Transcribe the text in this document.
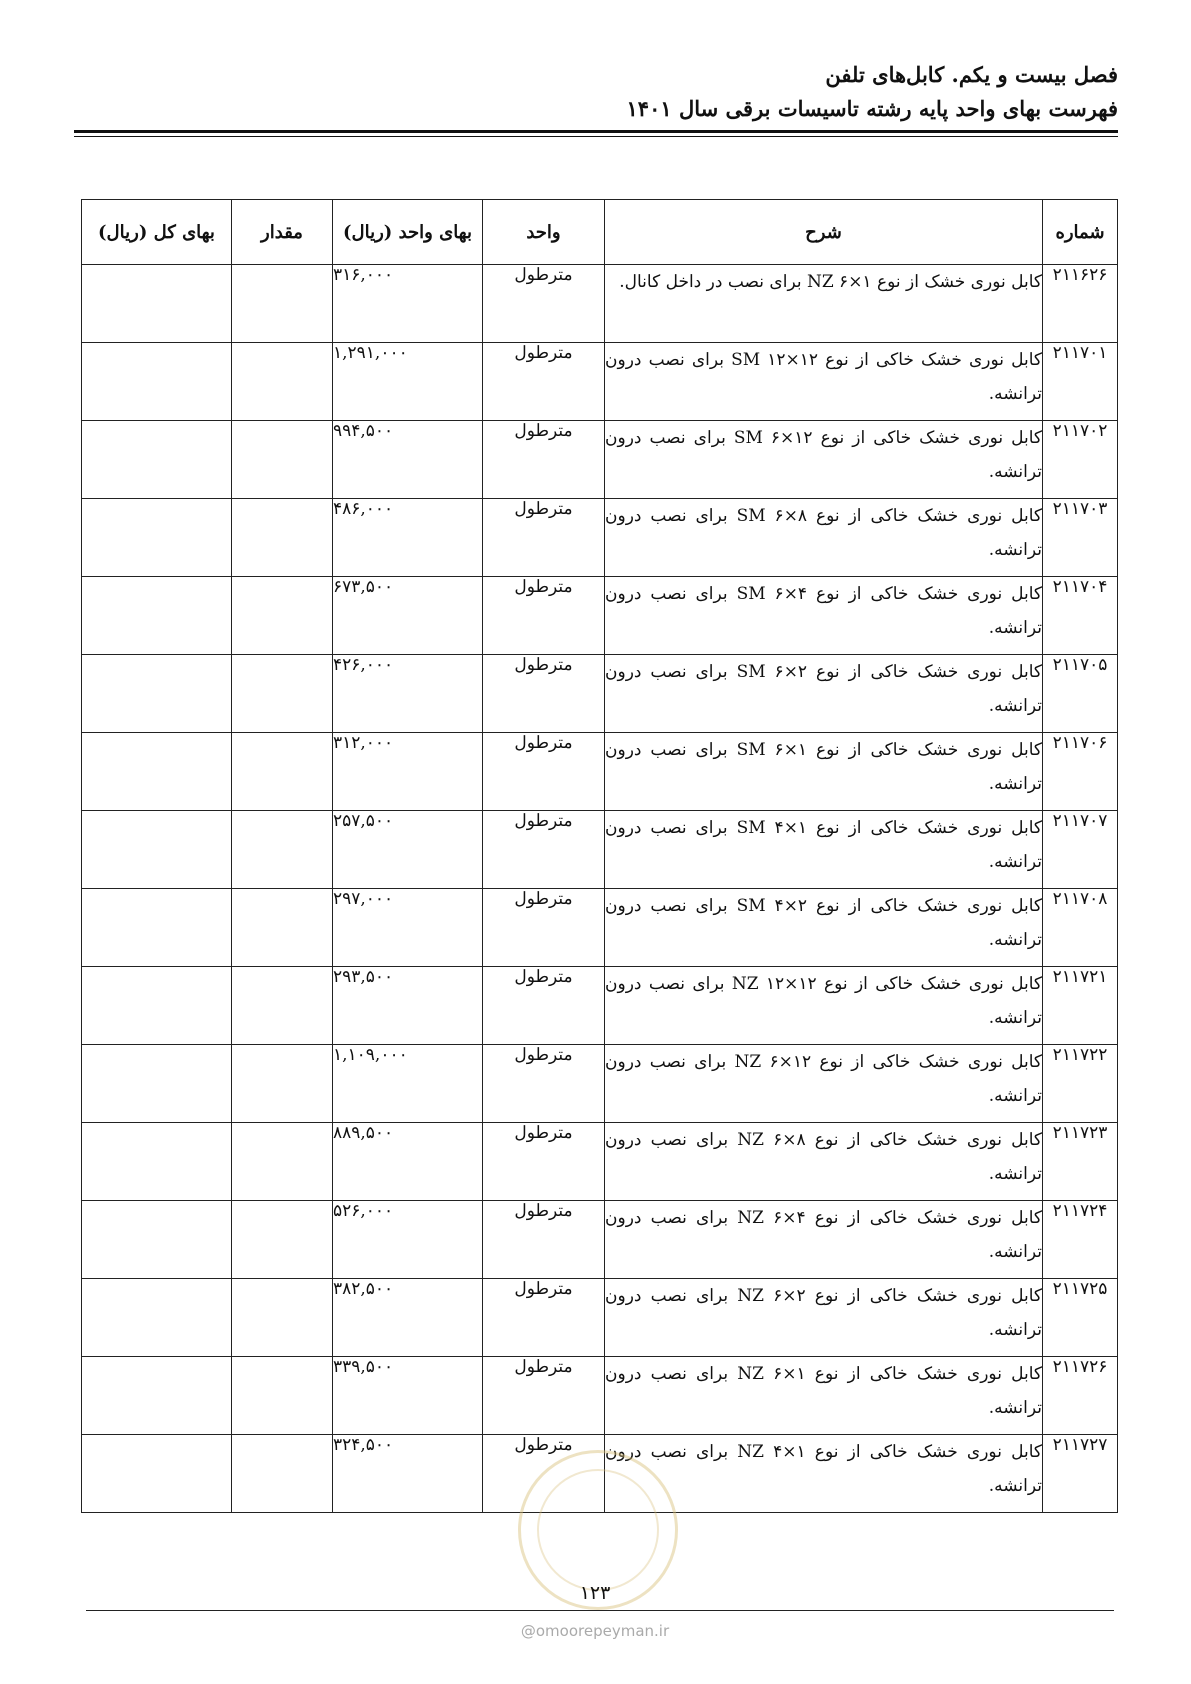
فصل بیست و یکم. کابل‌های تلفن
فهرست بهای واحد پایه رشته تاسیسات برقی سال ۱۴۰۱
شماره	شرح	واحد	بهای واحد (ریال)	مقدار	بهای کل (ریال)
۲۱۱۶۲۶	کابل نوری خشک از نوع NZ ۶×۱ برای نصب در داخل کانال.	مترطول	۳۱۶,۰۰۰		
۲۱۱۷۰۱	کابل نوری خشک خاکی از نوع SM ۱۲×۱۲ برای نصب درون ترانشه.	مترطول	۱,۲۹۱,۰۰۰		
۲۱۱۷۰۲	کابل نوری خشک خاکی از نوع SM ۶×۱۲ برای نصب درون ترانشه.	مترطول	۹۹۴,۵۰۰		
۲۱۱۷۰۳	کابل نوری خشک خاکی از نوع SM ۶×۸ برای نصب درون ترانشه.	مترطول	۴۸۶,۰۰۰		
۲۱۱۷۰۴	کابل نوری خشک خاکی از نوع SM ۶×۴ برای نصب درون ترانشه.	مترطول	۶۷۳,۵۰۰		
۲۱۱۷۰۵	کابل نوری خشک خاکی از نوع SM ۶×۲ برای نصب درون ترانشه.	مترطول	۴۲۶,۰۰۰		
۲۱۱۷۰۶	کابل نوری خشک خاکی از نوع SM ۶×۱ برای نصب درون ترانشه.	مترطول	۳۱۲,۰۰۰		
۲۱۱۷۰۷	کابل نوری خشک خاکی از نوع SM ۴×۱ برای نصب درون ترانشه.	مترطول	۲۵۷,۵۰۰		
۲۱۱۷۰۸	کابل نوری خشک خاکی از نوع SM ۴×۲ برای نصب درون ترانشه.	مترطول	۲۹۷,۰۰۰		
۲۱۱۷۲۱	کابل نوری خشک خاکی از نوع NZ ۱۲×۱۲ برای نصب درون ترانشه.	مترطول	۲۹۳,۵۰۰		
۲۱۱۷۲۲	کابل نوری خشک خاکی از نوع NZ ۶×۱۲ برای نصب درون ترانشه.	مترطول	۱,۱۰۹,۰۰۰		
۲۱۱۷۲۳	کابل نوری خشک خاکی از نوع NZ ۶×۸ برای نصب درون ترانشه.	مترطول	۸۸۹,۵۰۰		
۲۱۱۷۲۴	کابل نوری خشک خاکی از نوع NZ ۶×۴ برای نصب درون ترانشه.	مترطول	۵۲۶,۰۰۰		
۲۱۱۷۲۵	کابل نوری خشک خاکی از نوع NZ ۶×۲ برای نصب درون ترانشه.	مترطول	۳۸۲,۵۰۰		
۲۱۱۷۲۶	کابل نوری خشک خاکی از نوع NZ ۶×۱ برای نصب درون ترانشه.	مترطول	۳۳۹,۵۰۰		
۲۱۱۷۲۷	کابل نوری خشک خاکی از نوع NZ ۴×۱ برای نصب درون ترانشه.	مترطول	۳۲۴,۵۰۰		
۱۲۳
@omoorepeyman.ir
